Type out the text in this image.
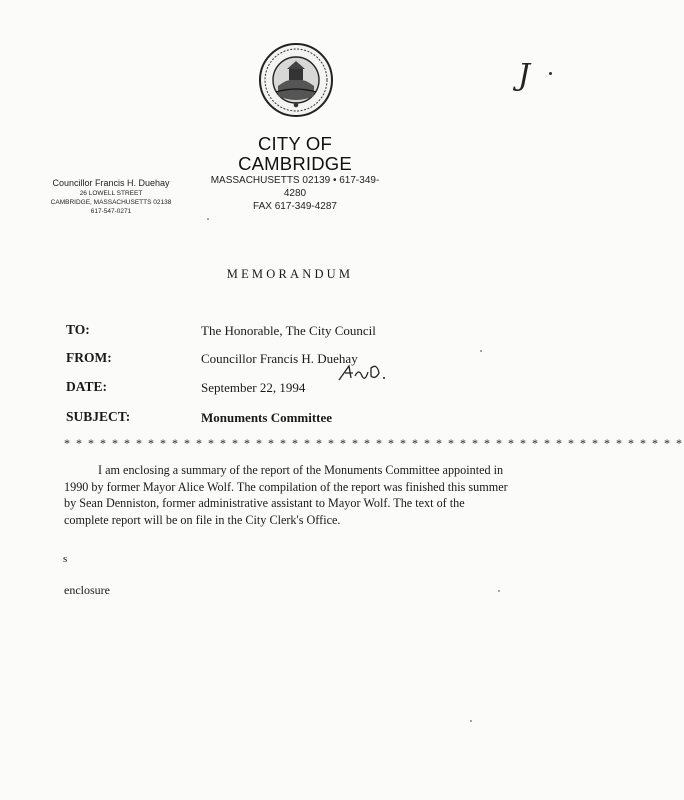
J
CITY OF CAMBRIDGE
MASSACHUSETTS 02139 • 617-349-4280
FAX 617-349-4287
Councillor Francis H. Duehay
26 LOWELL STREET
CAMBRIDGE, MASSACHUSETTS 02138
617-547-0271
MEMORANDUM
TO:	The Honorable, The City Council
FROM:	Councillor Francis H. Duehay
DATE:	September 22, 1994
SUBJECT:	Monuments Committee
* * * * * * * * * * * * * * * * * * * * * * * * * * * * * * * * * * * * * * * * * * * * * * * * * * * *

I am enclosing a summary of the report of the Monuments Committee appointed in 1990 by former Mayor Alice Wolf. The compilation of the report was finished this summer by Sean Denniston, former administrative assistant to Mayor Wolf. The text of the complete report will be on file in the City Clerk's Office.

s
enclosure
